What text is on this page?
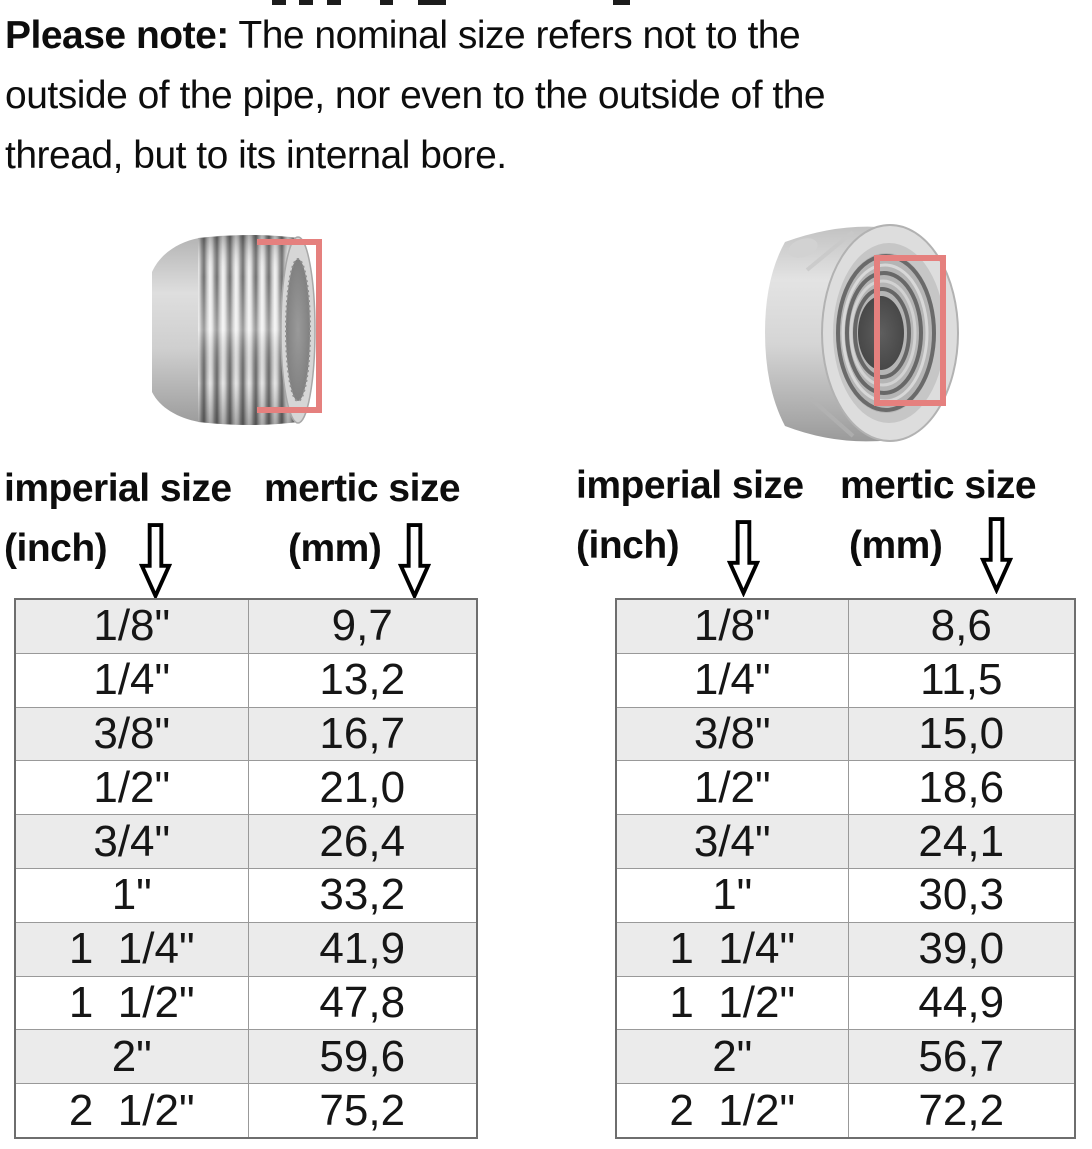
Please note: The nominal size refers not to the
outside of the pipe, nor even to the outside of the
thread, but to its internal bore.

imperial size
(inch)
mertic size
(mm)
imperial size
(inch)
mertic size
(mm)
1/8"	9,7
1/4"	13,2
3/8"	16,7
1/2"	21,0
3/4"	26,4
1"	33,2
1  1/4"	41,9
1  1/2"	47,8
2"	59,6
2  1/2"	75,2
1/8"	8,6
1/4"	11,5
3/8"	15,0
1/2"	18,6
3/4"	24,1
1"	30,3
1  1/4"	39,0
1  1/2"	44,9
2"	56,7
2  1/2"	72,2
